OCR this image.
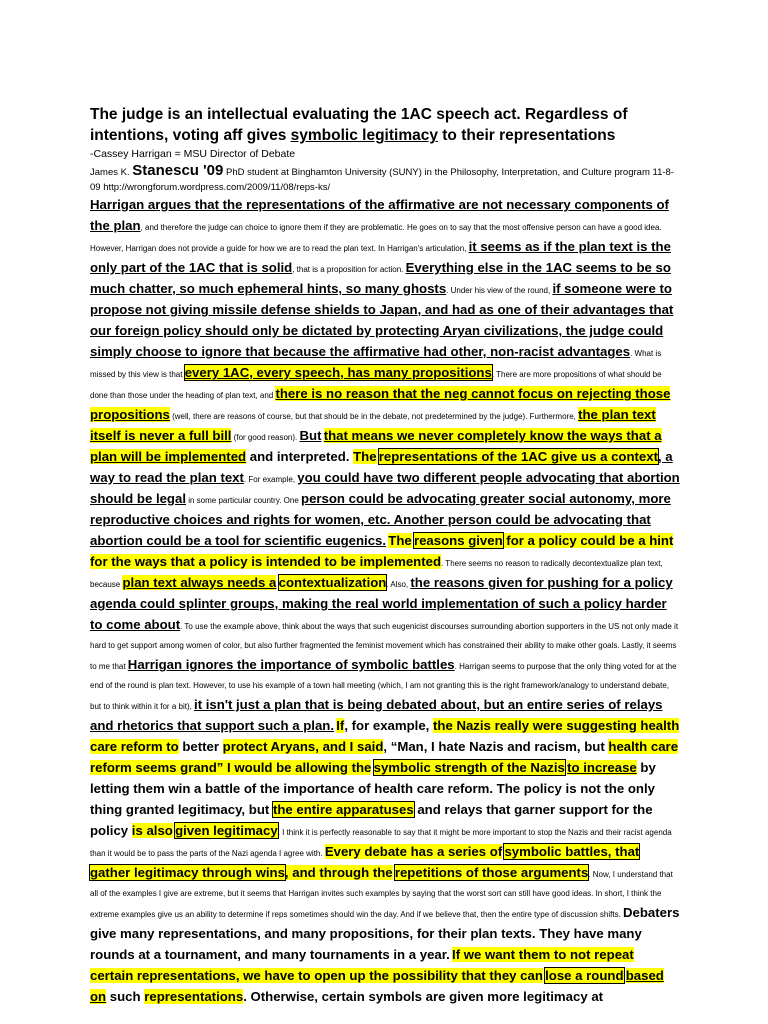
The judge is an intellectual evaluating the 1AC speech act. Regardless of intentions, voting aff gives symbolic legitimacy to their representations

-Cassey Harrigan = MSU Director of Debate

James K. Stanescu '09 PhD student at Binghamton University (SUNY) in the Philosophy, Interpretation, and Culture program 11-8-09 http://wrongforum.wordpress.com/2009/11/08/reps-ks/

Harrigan argues that the representations of the affirmative are not necessary components of the plan, and therefore the judge can choice to ignore them if they are problematic. He goes on to say that the most offensive person can have a good idea. However, Harrigan does not provide a guide for how we are to read the plan text. In Harrigan's articulation, it seems as if the plan text is the only part of the 1AC that is solid, that is a proposition for action. Everything else in the 1AC seems to be so much chatter, so much ephemeral hints, so many ghosts. Under his view of the round, if someone were to propose not giving missile defense shields to Japan, and had as one of their advantages that our foreign policy should only be dictated by protecting Aryan civilizations, the judge could simply choose to ignore that because the affirmative had other, non-racist advantages. What is missed by this view is that every 1AC, every speech, has many propositions. There are more propositions of what should be done than those under the heading of plan text, and there is no reason that the neg cannot focus on rejecting those propositions (well, there are reasons of course, but that should be in the debate, not predetermined by the judge). Furthermore, the plan text itself is never a full bill (for good reason). But that means we never completely know the ways that a plan will be implemented and interpreted. The representations of the 1AC give us a context, a way to read the plan text. For example, you could have two different people advocating that abortion should be legal in some particular country. One person could be advocating greater social autonomy, more reproductive choices and rights for women, etc. Another person could be advocating that abortion could be a tool for scientific eugenics. The reasons given for a policy could be a hint for the ways that a policy is intended to be implemented. There seems no reason to radically decontextualize plan text, because plan text always needs a contextualization. Also, the reasons given for pushing for a policy agenda could splinter groups, making the real world implementation of such a policy harder to come about. To use the example above, think about the ways that such eugenicist discourses surrounding abortion supporters in the US not only made it hard to get support among women of color, but also further fragmented the feminist movement which has constrained their ability to make other goals. Lastly, it seems to me that Harrigan ignores the importance of symbolic battles. Harrigan seems to purpose that the only thing voted for at the end of the round is plan text. However, to use his example of a town hall meeting (which, I am not granting this is the right framework/analogy to understand debate, but to think within it for a bit), it isn't just a plan that is being debated about, but an entire series of relays and rhetorics that support such a plan. If, for example, the Nazis really were suggesting health care reform to better protect Aryans, and I said, “Man, I hate Nazis and racism, but health care reform seems grand” I would be allowing the symbolic strength of the Nazis to increase by letting them win a battle of the importance of health care reform. The policy is not the only thing granted legitimacy, but the entire apparatuses and relays that garner support for the policy is also given legitimacy. I think it is perfectly reasonable to say that it might be more important to stop the Nazis and their racist agenda than it would be to pass the parts of the Nazi agenda I agree with. Every debate has a series of symbolic battles, that gather legitimacy through wins, and through the repetitions of those arguments. Now, I understand that all of the examples I give are extreme, but it seems that Harrigan invites such examples by saying that the worst sort can still have good ideas. In short, I think the extreme examples give us an ability to determine if reps sometimes should win the day. And if we believe that, then the entire type of discussion shifts. Debaters give many representations, and many propositions, for their plan texts. They have many rounds at a tournament, and many tournaments in a year. If we want them to not repeat certain representations, we have to open up the possibility that they can lose a round based on such representations. Otherwise, certain symbols are given more legitimacy at
